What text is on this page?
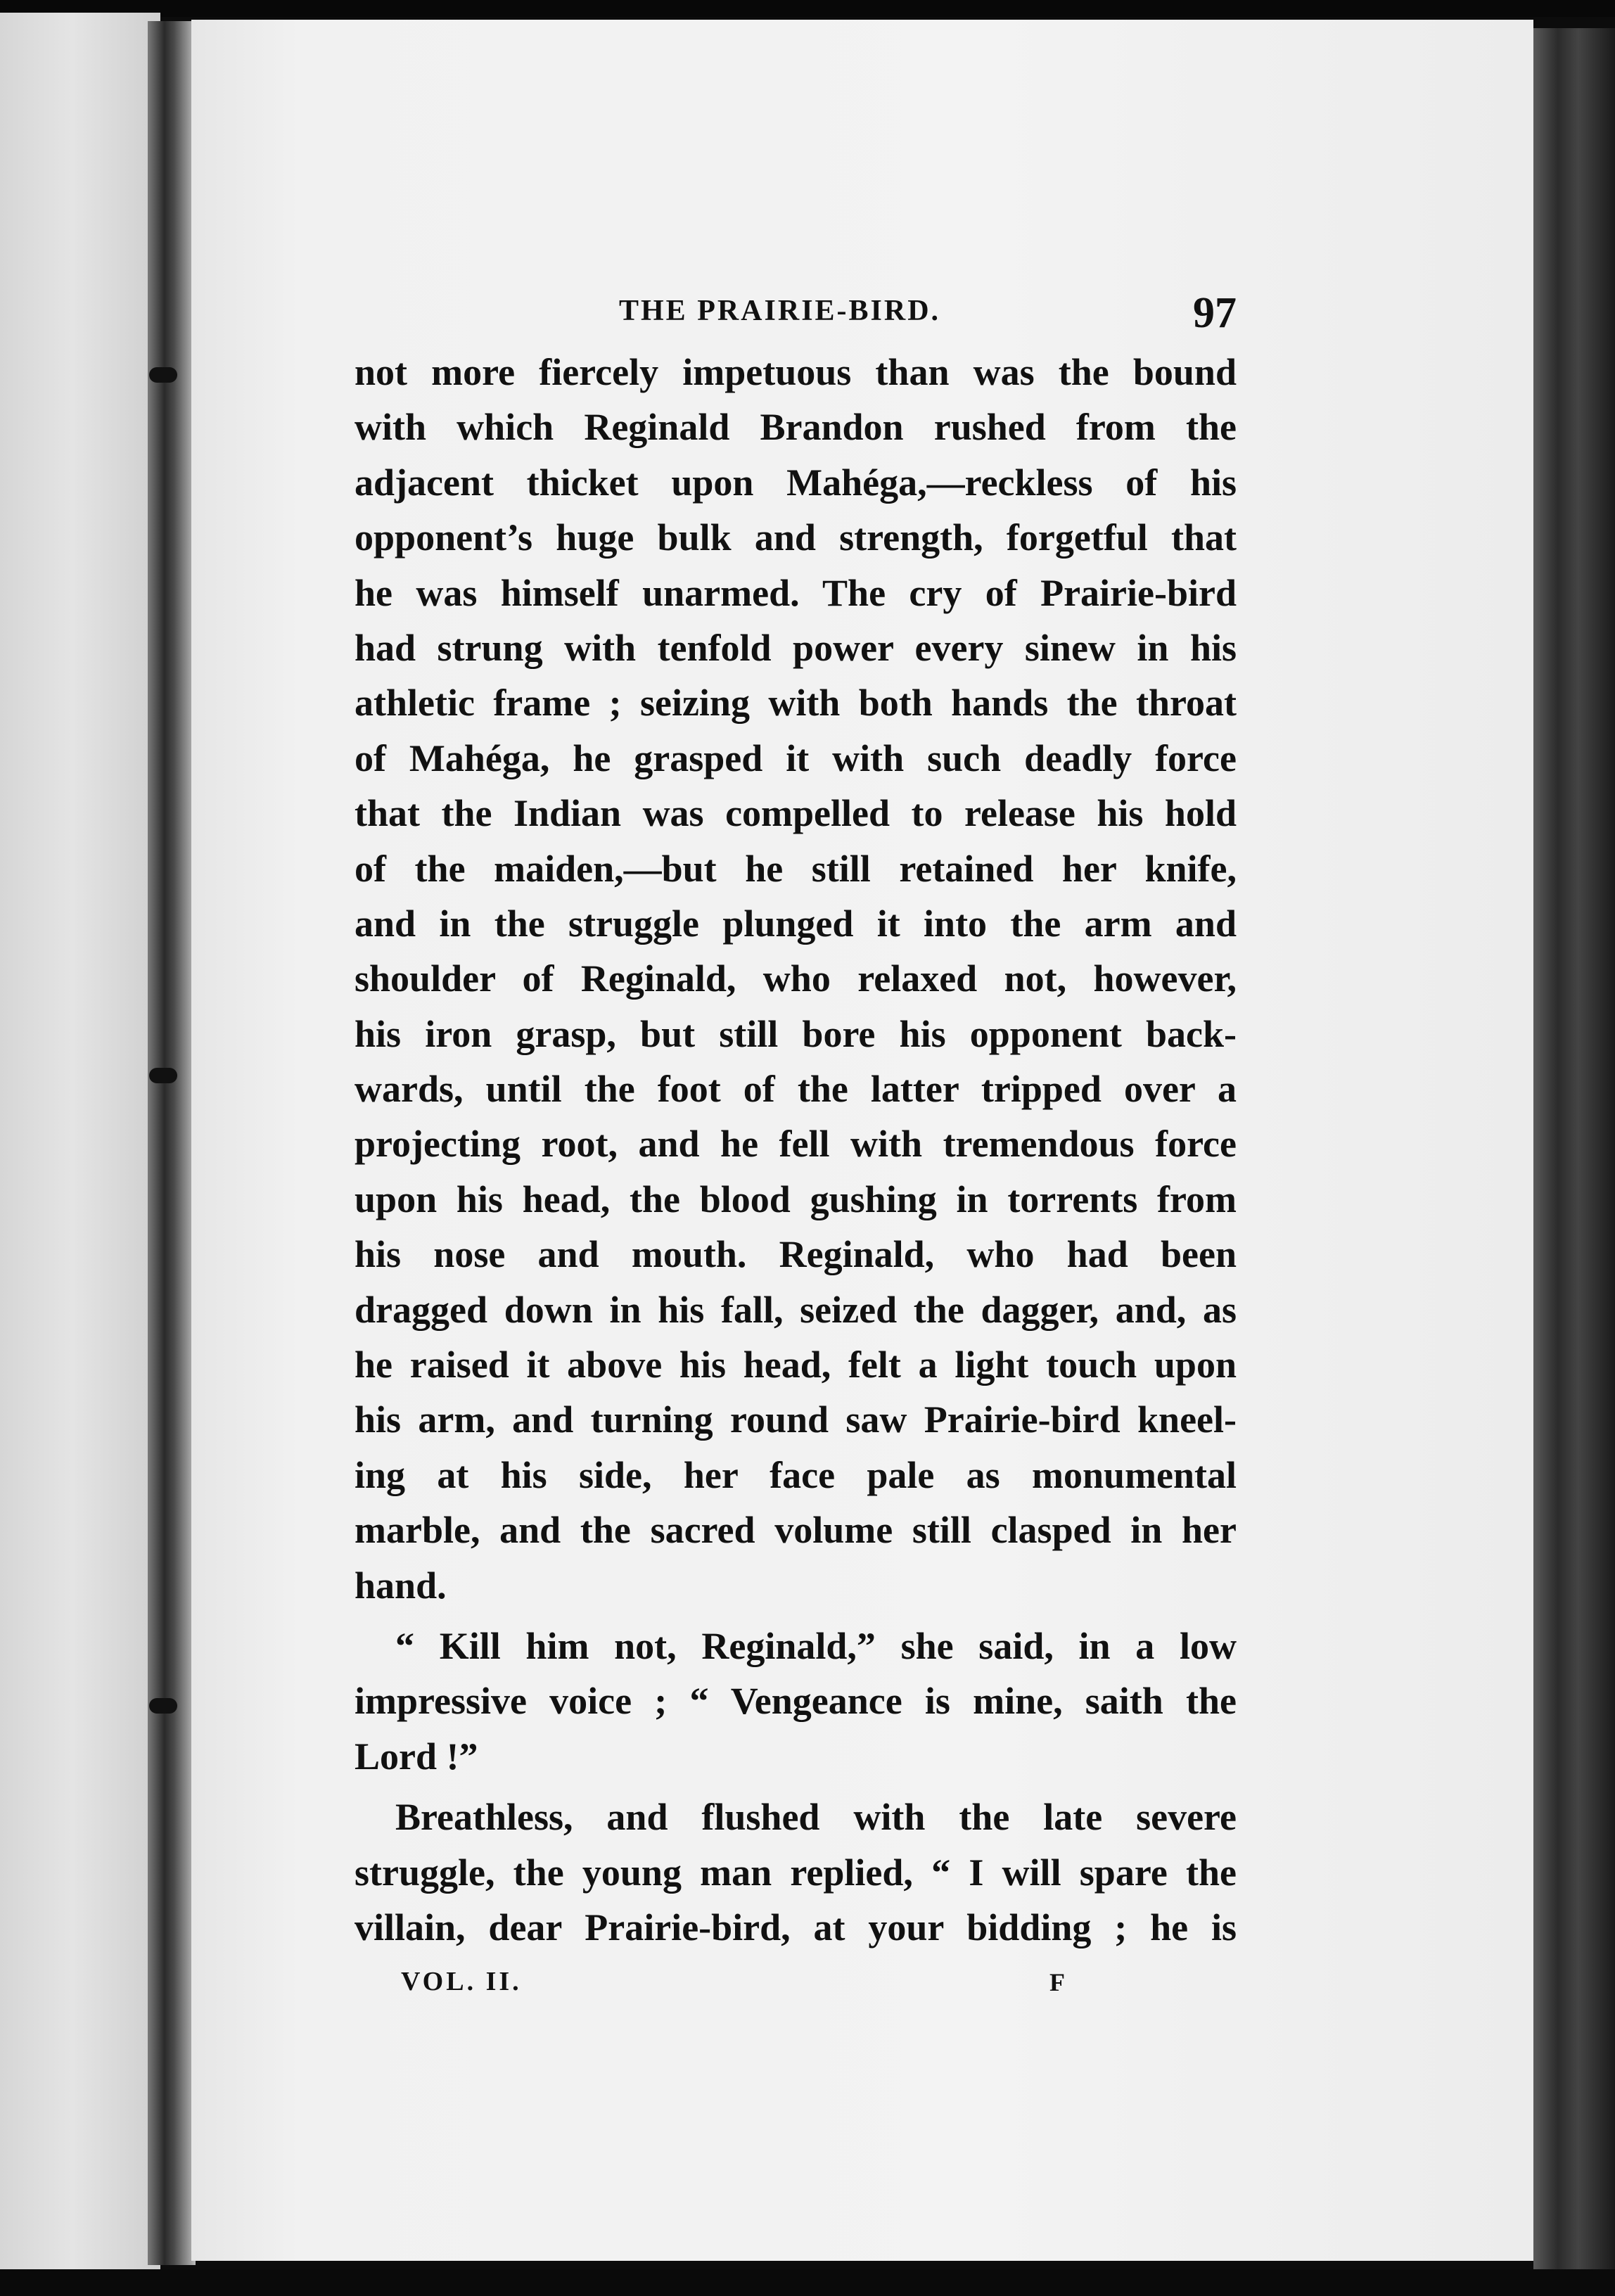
THE PRAIRIE-BIRD.	97
not more fiercely impetuous than was the bound
with which Reginald Brandon rushed from the
adjacent thicket upon Mahéga,—reckless of his
opponent’s huge bulk and strength, forgetful that
he was himself unarmed. The cry of Prairie-bird
had strung with tenfold power every sinew in his
athletic frame ; seizing with both hands the throat
of Mahéga, he grasped it with such deadly force
that the Indian was compelled to release his hold
of the maiden,—but he still retained her knife,
and in the struggle plunged it into the arm and
shoulder of Reginald, who relaxed not, however,
his iron grasp, but still bore his opponent back-
wards, until the foot of the latter tripped over a
projecting root, and he fell with tremendous force
upon his head, the blood gushing in torrents from
his nose and mouth. Reginald, who had been
dragged down in his fall, seized the dagger, and, as
he raised it above his head, felt a light touch upon
his arm, and turning round saw Prairie-bird kneel-
ing at his side, her face pale as monumental
marble, and the sacred volume still clasped in her
hand.
“ Kill him not, Reginald,” she said, in a low
impressive voice ; “ Vengeance is mine, saith the
Lord !”
Breathless, and flushed with the late severe
struggle, the young man replied, “ I will spare the
villain, dear Prairie-bird, at your bidding ; he is
VOL. II.	F
